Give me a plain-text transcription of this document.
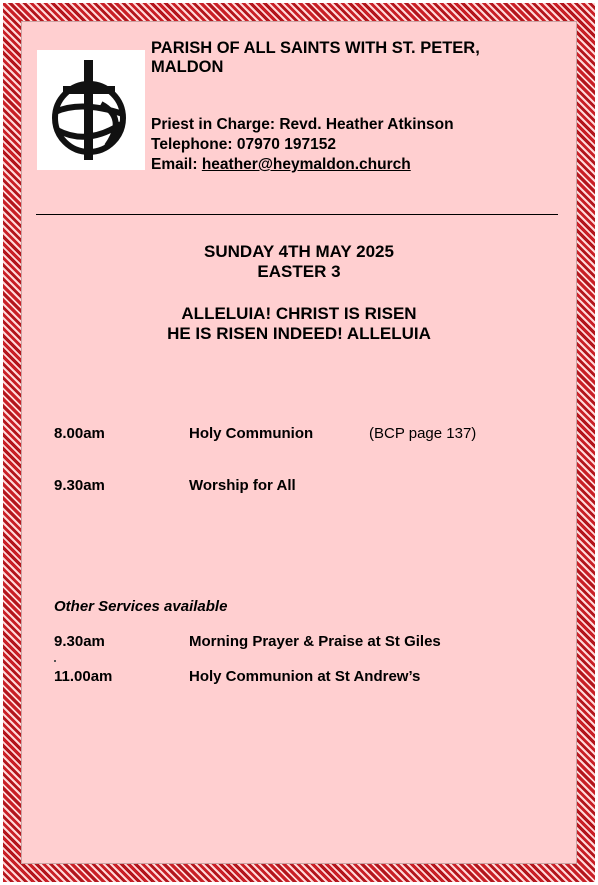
PARISH OF ALL SAINTS WITH ST. PETER,
MALDON
Priest in Charge: Revd. Heather Atkinson
Telephone: 07970 197152
Email: heather@heymaldon.church
SUNDAY 4TH MAY 2025
EASTER 3
ALLELUIA! CHRIST IS RISEN
HE IS RISEN INDEED! ALLELUIA
8.00am	Holy Communion	(BCP page 137)
9.30am	Worship for All
Other Services available
9.30am	Morning Prayer & Praise at St Giles
11.00am	Holy Communion at St Andrew’s
